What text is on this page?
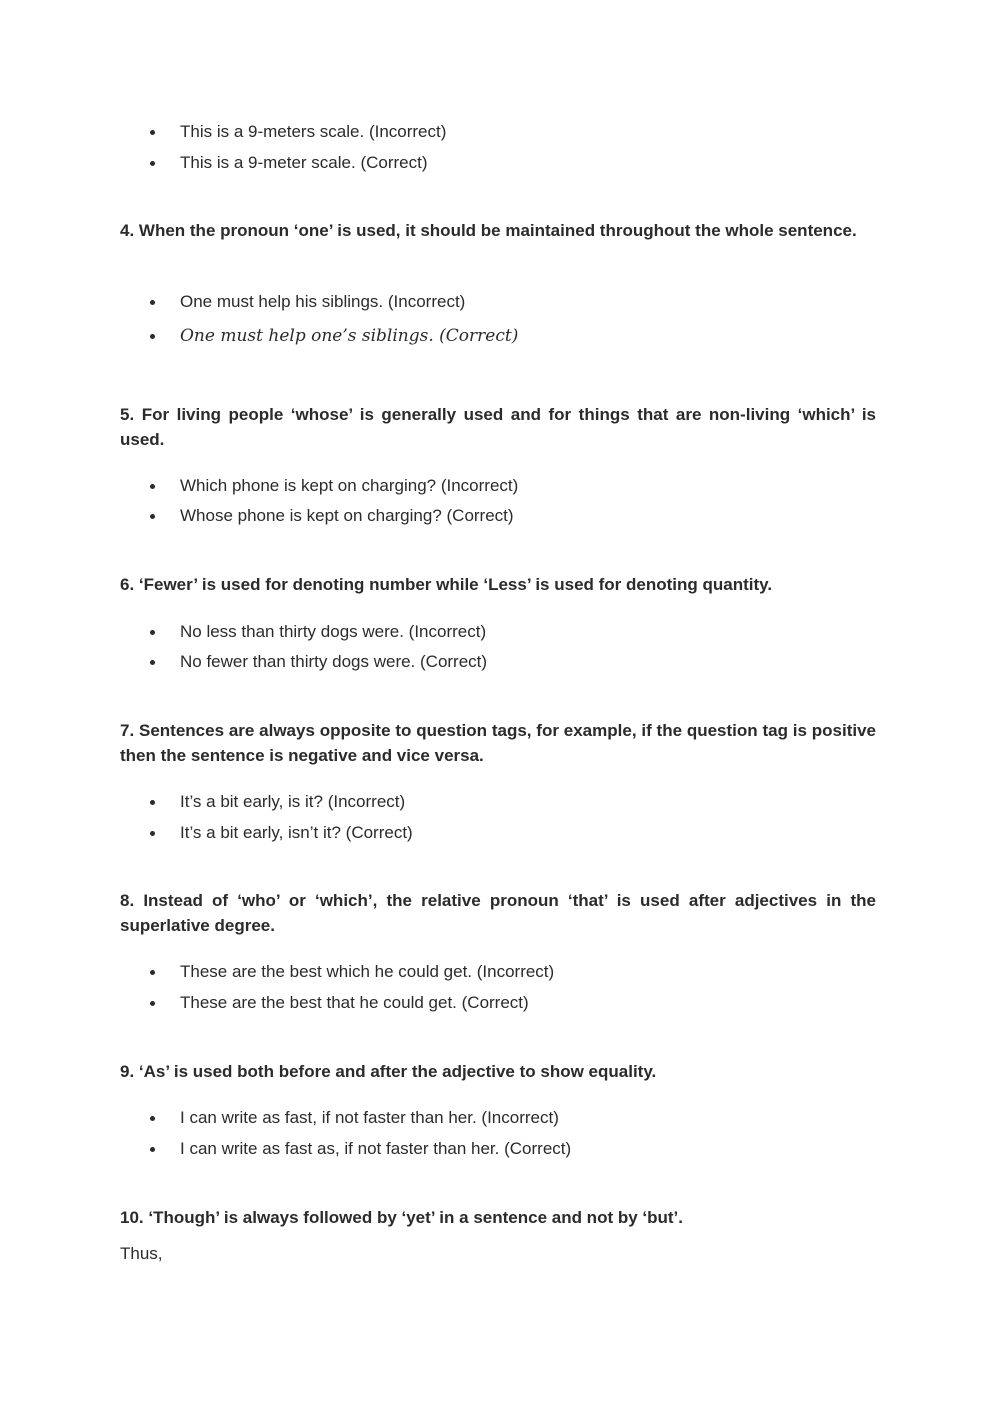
This is a 9-meters scale. (Incorrect)
This is a 9-meter scale. (Correct)

4. When the pronoun ‘one’ is used, it should be maintained throughout the whole sentence.

One must help his siblings. (Incorrect)
One must help one’s siblings. (Correct)

5. For living people ‘whose’ is generally used and for things that are non-living ‘which’ is used.

Which phone is kept on charging? (Incorrect)
Whose phone is kept on charging? (Correct)

6. ‘Fewer’ is used for denoting number while ‘Less’ is used for denoting quantity.

No less than thirty dogs were. (Incorrect)
No fewer than thirty dogs were. (Correct)

7. Sentences are always opposite to question tags, for example, if the question tag is positive then the sentence is negative and vice versa.

It’s a bit early, is it? (Incorrect)
It’s a bit early, isn’t it? (Correct)

8. Instead of ‘who’ or ‘which’, the relative pronoun ‘that’ is used after adjectives in the superlative degree.

These are the best which he could get. (Incorrect)
These are the best that he could get. (Correct)

9. ‘As’ is used both before and after the adjective to show equality.

I can write as fast, if not faster than her. (Incorrect)
I can write as fast as, if not faster than her. (Correct)

10. ‘Though’ is always followed by ‘yet’ in a sentence and not by ‘but’.

Thus,
